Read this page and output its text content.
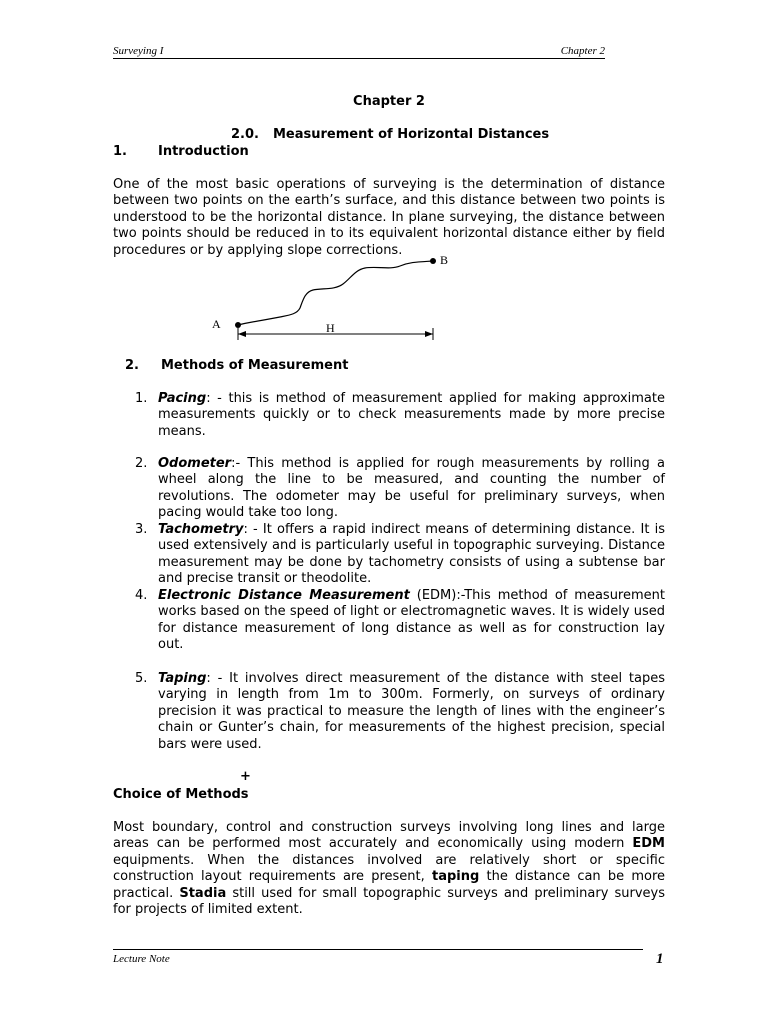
Surveying I	Chapter 2
Chapter 2
2.0. Measurement of Horizontal Distances
1. Introduction

One of the most basic operations of surveying is the determination of distance between two points on the earth’s surface, and this distance between two points is understood to be the horizontal distance. In plane surveying, the distance between two points should be reduced in to its equivalent horizontal distance either by field procedures or by applying slope corrections.

A
B
H
2. Methods of Measurement
1. Pacing: - this is method of measurement applied for making approximate measurements quickly or to check measurements made by more precise means.
2. Odometer:- This method is applied for rough measurements by rolling a wheel along the line to be measured, and counting the number of revolutions. The odometer may be useful for preliminary surveys, when pacing would take too long.
3. Tachometry: - It offers a rapid indirect means of determining distance. It is used extensively and is particularly useful in topographic surveying. Distance measurement may be done by tachometry consists of using a subtense bar and precise transit or theodolite.
4. Electronic Distance Measurement (EDM):-This method of measurement works based on the speed of light or electromagnetic waves. It is widely used for distance measurement of long distance as well as for construction lay out.
5. Taping: - It involves direct measurement of the distance with steel tapes varying in length from 1m to 300m. Formerly, on surveys of ordinary precision it was practical to measure the length of lines with the engineer’s chain or Gunter’s chain, for measurements of the highest precision, special bars were used.
+
Choice of Methods

Most boundary, control and construction surveys involving long lines and large areas can be performed most accurately and economically using modern EDM equipments. When the distances involved are relatively short or specific construction layout requirements are present, taping the distance can be more practical. Stadia still used for small topographic surveys and preliminary surveys for projects of limited extent.

Lecture Note	1
